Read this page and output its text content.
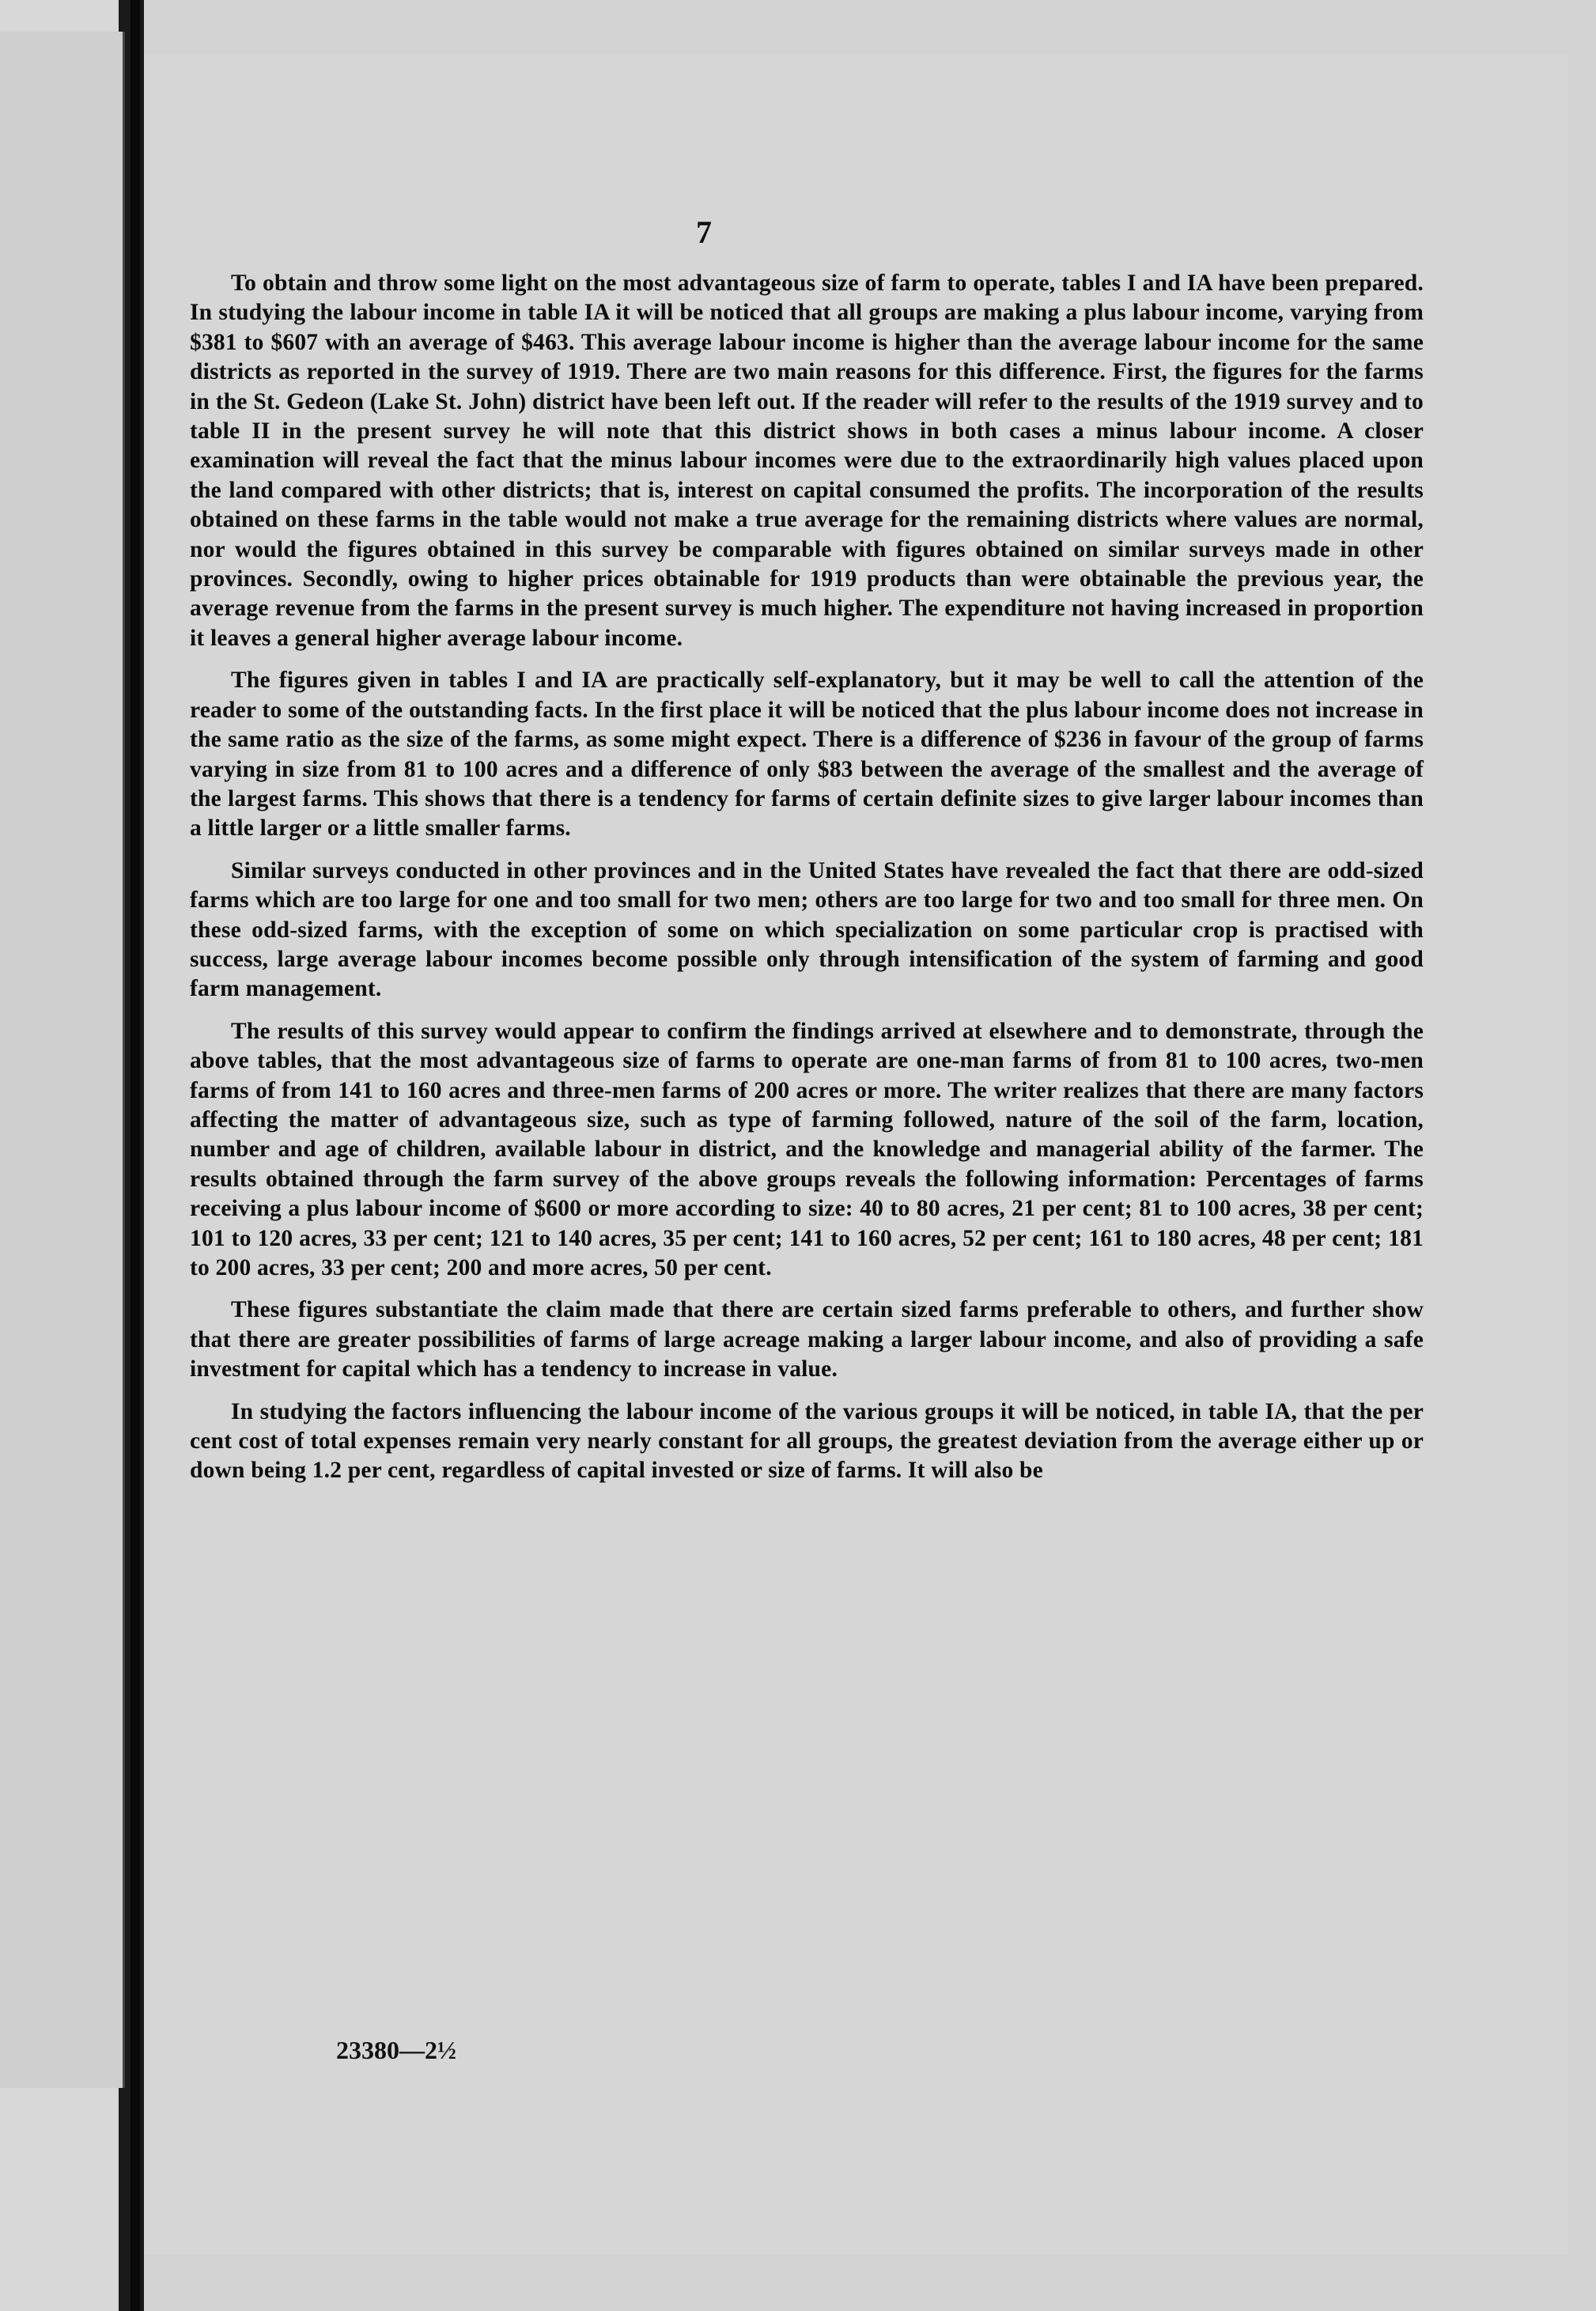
7

To obtain and throw some light on the most advantageous size of farm to operate, tables I and IA have been prepared. In studying the labour income in table IA it will be noticed that all groups are making a plus labour income, varying from $381 to $607 with an average of $463. This average labour income is higher than the average labour income for the same districts as reported in the survey of 1919. There are two main reasons for this difference. First, the figures for the farms in the St. Gedeon (Lake St. John) district have been left out. If the reader will refer to the results of the 1919 survey and to table II in the present survey he will note that this district shows in both cases a minus labour income. A closer examination will reveal the fact that the minus labour incomes were due to the extraordinarily high values placed upon the land compared with other districts; that is, interest on capital consumed the profits. The incorporation of the results obtained on these farms in the table would not make a true average for the remaining districts where values are normal, nor would the figures obtained in this survey be comparable with figures obtained on similar surveys made in other provinces. Secondly, owing to higher prices obtainable for 1919 products than were obtainable the previous year, the average revenue from the farms in the present survey is much higher. The expenditure not having increased in proportion it leaves a general higher average labour income.

The figures given in tables I and IA are practically self-explanatory, but it may be well to call the attention of the reader to some of the outstanding facts. In the first place it will be noticed that the plus labour income does not increase in the same ratio as the size of the farms, as some might expect. There is a difference of $236 in favour of the group of farms varying in size from 81 to 100 acres and a difference of only $83 between the average of the smallest and the average of the largest farms. This shows that there is a tendency for farms of certain definite sizes to give larger labour incomes than a little larger or a little smaller farms.

Similar surveys conducted in other provinces and in the United States have revealed the fact that there are odd-sized farms which are too large for one and too small for two men; others are too large for two and too small for three men. On these odd-sized farms, with the exception of some on which specialization on some particular crop is practised with success, large average labour incomes become possible only through intensification of the system of farming and good farm management.

The results of this survey would appear to confirm the findings arrived at elsewhere and to demonstrate, through the above tables, that the most advantageous size of farms to operate are one-man farms of from 81 to 100 acres, two-men farms of from 141 to 160 acres and three-men farms of 200 acres or more. The writer realizes that there are many factors affecting the matter of advantageous size, such as type of farming followed, nature of the soil of the farm, location, number and age of children, available labour in district, and the knowledge and managerial ability of the farmer. The results obtained through the farm survey of the above groups reveals the following information: Percentages of farms receiving a plus labour income of $600 or more according to size: 40 to 80 acres, 21 per cent; 81 to 100 acres, 38 per cent; 101 to 120 acres, 33 per cent; 121 to 140 acres, 35 per cent; 141 to 160 acres, 52 per cent; 161 to 180 acres, 48 per cent; 181 to 200 acres, 33 per cent; 200 and more acres, 50 per cent.

These figures substantiate the claim made that there are certain sized farms preferable to others, and further show that there are greater possibilities of farms of large acreage making a larger labour income, and also of providing a safe investment for capital which has a tendency to increase in value.

In studying the factors influencing the labour income of the various groups it will be noticed, in table IA, that the per cent cost of total expenses remain very nearly constant for all groups, the greatest deviation from the average either up or down being 1.2 per cent, regardless of capital invested or size of farms. It will also be

23380—2½
